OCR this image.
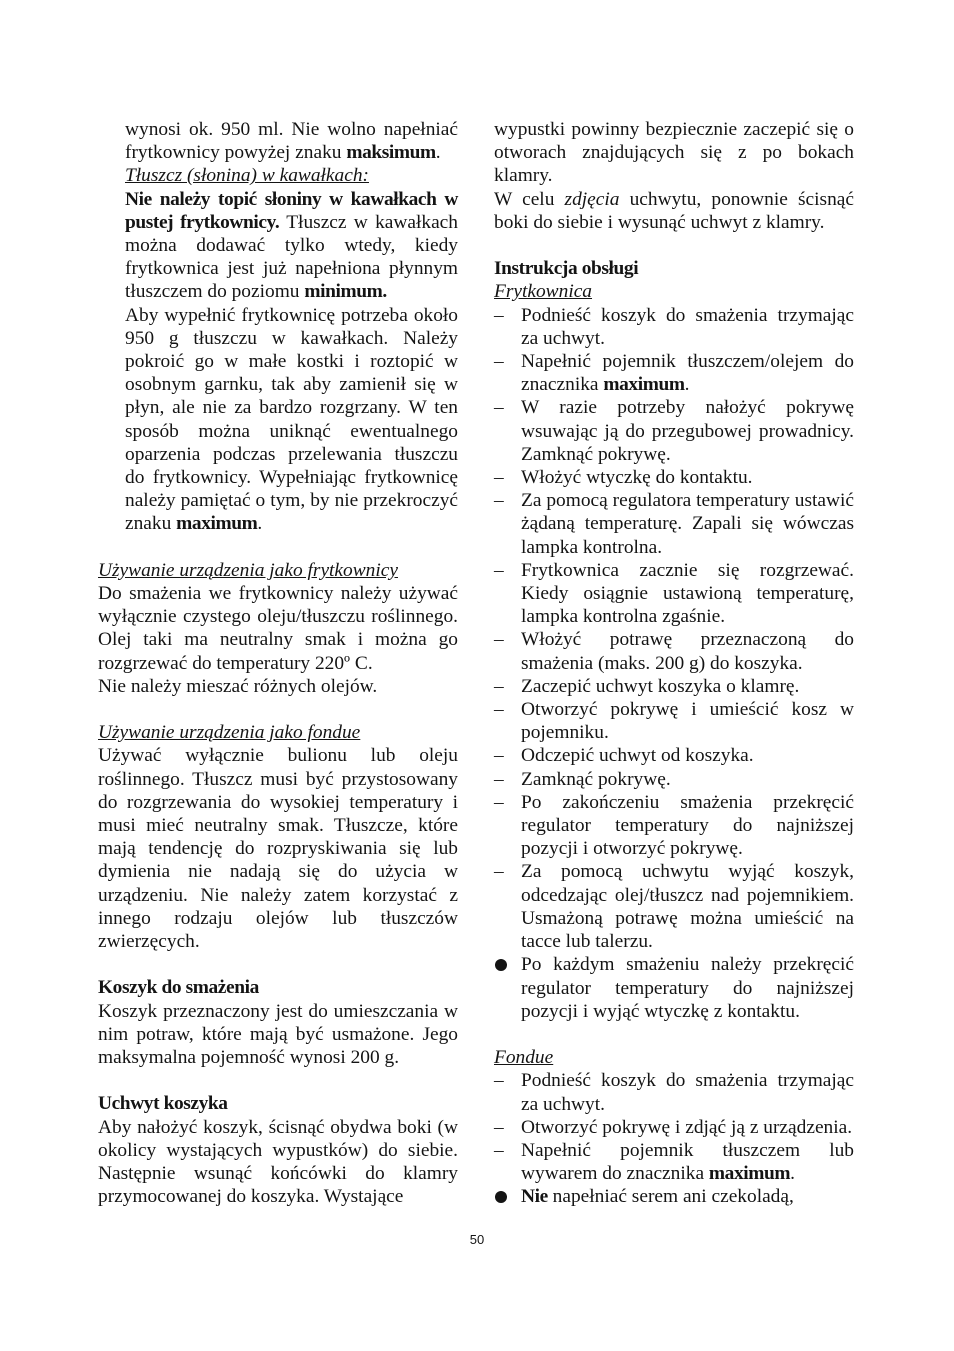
wynosi ok. 950 ml. Nie wolno napełniać frytkownicy powyżej znaku maksimum.

Tłuszcz (słonina) w kawałkach:

Nie należy topić słoniny w kawałkach w pustej frytkownicy. Tłuszcz w kawałkach można dodawać tylko wtedy, kiedy frytkownica jest już napełniona płynnym tłuszczem do poziomu minimum.

Aby wypełnić frytkownicę potrzeba około 950 g tłuszczu w kawałkach. Należy pokroić go w małe kostki i roztopić w osobnym garnku, tak aby zamienił się w płyn, ale nie za bardzo rozgrzany. W ten sposób można uniknąć ewentualnego oparzenia podczas przelewania tłuszczu do frytkownicy. Wypełniając frytkownicę należy pamiętać o tym, by nie przekroczyć znaku maximum.

Używanie urządzenia jako frytkownicy

Do smażenia we frytkownicy należy używać wyłącznie czystego oleju/tłuszczu roślinnego. Olej taki ma neutralny smak i można go rozgrzewać do temperatury 220º C.

Nie należy mieszać różnych olejów.

Używanie urządzenia jako fondue

Używać wyłącznie bulionu lub oleju roślinnego. Tłuszcz musi być przystosowany do rozgrzewania do wysokiej temperatury i musi mieć neutralny smak. Tłuszcze, które mają tendencję do rozpryskiwania się lub dymienia nie nadają się do użycia w urządzeniu. Nie należy zatem korzystać z innego rodzaju olejów lub tłuszczów zwierzęcych.

Koszyk do smażenia

Koszyk przeznaczony jest do umieszczania w nim potraw, które mają być usmażone. Jego maksymalna pojemność wynosi 200 g.

Uchwyt koszyka

Aby nałożyć koszyk, ścisnąć obydwa boki (w okolicy wystających wypustków) do siebie. Następnie wsunąć końcówki do klamry przymocowanej do koszyka. Wystające

wypustki powinny bezpiecznie zaczepić się o otworach znajdujących się z po bokach klamry.

W celu zdjęcia uchwytu, ponownie ścisnąć boki do siebie i wysunąć uchwyt z klamry.

Instrukcja obsługi

Frytkownica

– Podnieść koszyk do smażenia trzymając za uchwyt.
– Napełnić pojemnik tłuszczem/olejem do znacznika maximum.
– W razie potrzeby nałożyć pokrywę wsuwając ją do przegubowej prowadnicy. Zamknąć pokrywę.
– Włożyć wtyczkę do kontaktu.
– Za pomocą regulatora temperatury ustawić żądaną temperaturę. Zapali się wówczas lampka kontrolna.
– Frytkownica zacznie się rozgrzewać. Kiedy osiągnie ustawioną temperaturę, lampka kontrolna zgaśnie.
– Włożyć potrawę przeznaczoną do smażenia (maks. 200 g) do koszyka.
– Zaczepić uchwyt koszyka o klamrę.
– Otworzyć pokrywę i umieścić kosz w pojemniku.
– Odczepić uchwyt od koszyka.
– Zamknąć pokrywę.
– Po zakończeniu smażenia przekręcić regulator temperatury do najniższej pozycji i otworzyć pokrywę.
– Za pomocą uchwytu wyjąć koszyk, odcedzając olej/tłuszcz nad pojemnikiem. Usmażoną potrawę można umieścić na tacce lub talerzu.
Po każdym smażeniu należy przekręcić regulator temperatury do najniższej pozycji i wyjąć wtyczkę z kontaktu.

Fondue

– Podnieść koszyk do smażenia trzymając za uchwyt.
– Otworzyć pokrywę i zdjąć ją z urządzenia.
– Napełnić pojemnik tłuszczem lub wywarem do znacznika maximum.
Nie napełniać serem ani czekoladą,
50
